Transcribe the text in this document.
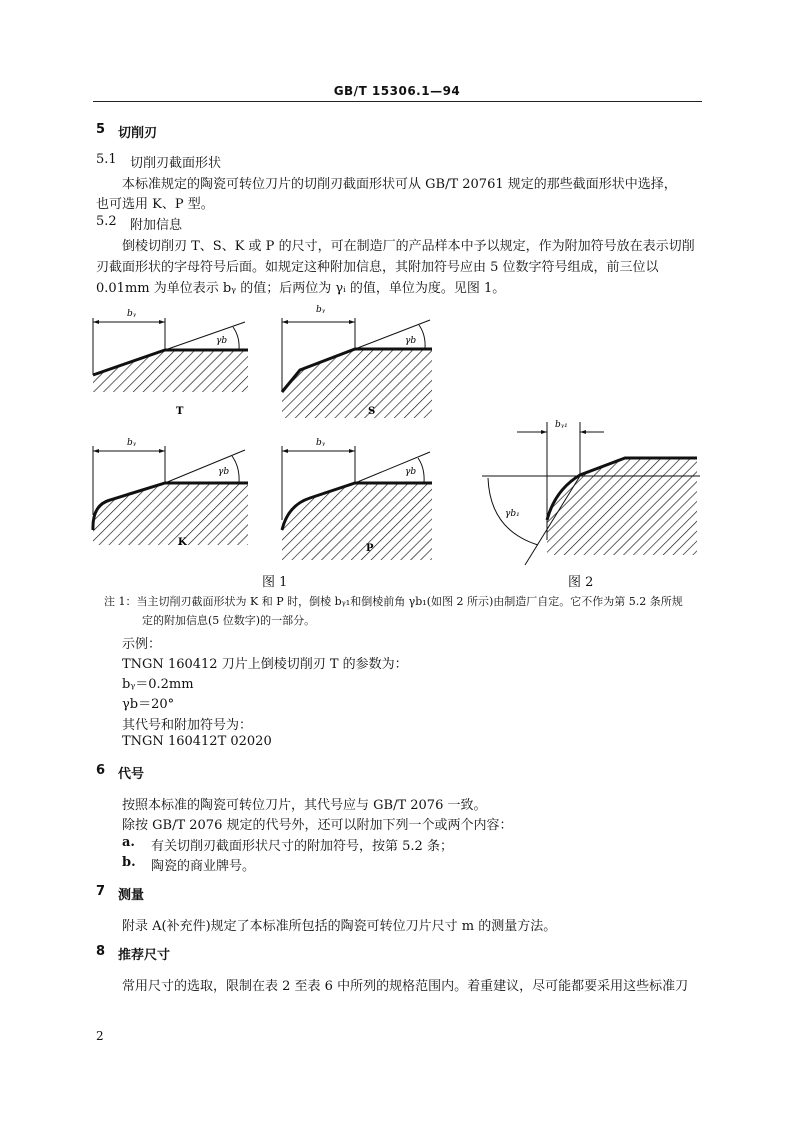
GB/T 15306.1—94
5 切削刃
5.1 切削刃截面形状
本标准规定的陶瓷可转位刀片的切削刃截面形状可从 GB/T 20761 规定的那些截面形状中选择，
也可选用 K、P 型。
5.2 附加信息
倒棱切削刃 T、S、K 或 P 的尺寸，可在制造厂的产品样本中予以规定，作为附加符号放在表示切削
刃截面形状的字母符号后面。如规定这种附加信息，其附加符号应由 5 位数字符号组成，前三位以
0.01mm 为单位表示 bᵧ 的值；后两位为 γᵢ 的值，单位为度。见图 1。
bᵧ
γb
T
bᵧ
γb
S
bᵧ
γb
K
bᵧ
γb
P
bᵧ₁
γb₁
图 1	图 2
注 1：当主切削刃截面形状为 K 和 P 时，倒棱 bᵧ₁和倒棱前角 γb₁(如图 2 所示)由制造厂自定。它不作为第 5.2 条所规
定的附加信息(5 位数字)的一部分。
示例：
TNGN 160412 刀片上倒棱切削刃 T 的参数为：
bᵧ＝0.2mm
γb＝20°
其代号和附加符号为：
TNGN 160412T 02020
6 代号
按照本标准的陶瓷可转位刀片，其代号应与 GB/T 2076 一致。
除按 GB/T 2076 规定的代号外，还可以附加下列一个或两个内容：
a. 有关切削刃截面形状尺寸的附加符号，按第 5.2 条；
b. 陶瓷的商业牌号。
7 测量
附录 A(补充件)规定了本标准所包括的陶瓷可转位刀片尺寸 m 的测量方法。
8 推荐尺寸
常用尺寸的选取，限制在表 2 至表 6 中所列的规格范围内。着重建议，尽可能都要采用这些标准刀
2
